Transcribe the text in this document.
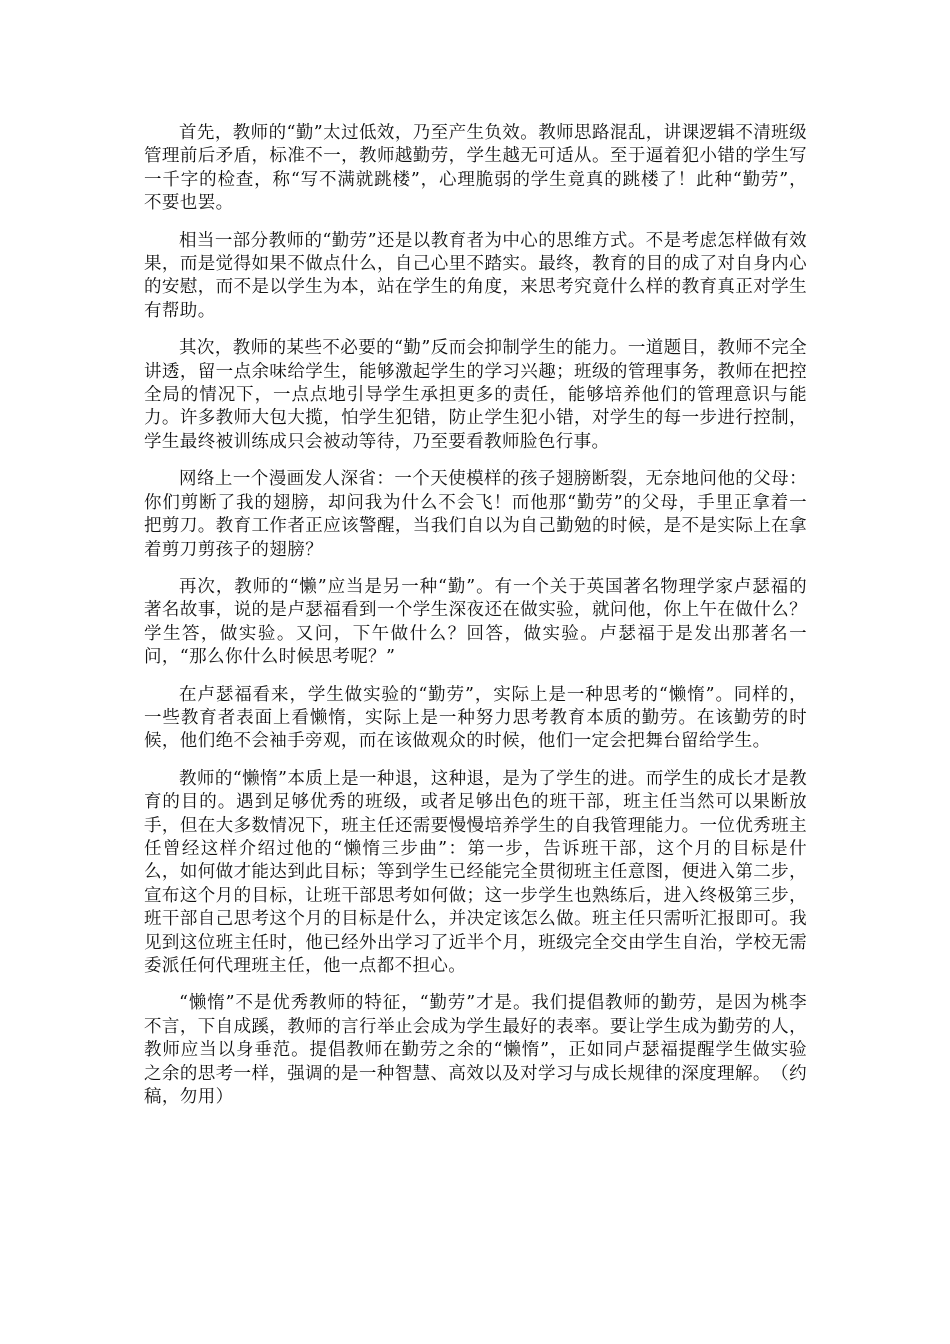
首先，教师的“勤”太过低效，乃至产生负效。教师思路混乱，讲课逻辑不清班级管理前后矛盾，标准不一，教师越勤劳，学生越无可适从。至于逼着犯小错的学生写一千字的检查，称“写不满就跳楼”，心理脆弱的学生竟真的跳楼了！此种“勤劳”，不要也罢。

相当一部分教师的“勤劳”还是以教育者为中心的思维方式。不是考虑怎样做有效果，而是觉得如果不做点什么，自己心里不踏实。最终，教育的目的成了对自身内心的安慰，而不是以学生为本，站在学生的角度，来思考究竟什么样的教育真正对学生有帮助。

其次，教师的某些不必要的“勤”反而会抑制学生的能力。一道题目，教师不完全讲透，留一点余味给学生，能够激起学生的学习兴趣；班级的管理事务，教师在把控全局的情况下，一点点地引导学生承担更多的责任，能够培养他们的管理意识与能力。许多教师大包大揽，怕学生犯错，防止学生犯小错，对学生的每一步进行控制，学生最终被训练成只会被动等待，乃至要看教师脸色行事。

网络上一个漫画发人深省：一个天使模样的孩子翅膀断裂，无奈地问他的父母：你们剪断了我的翅膀，却问我为什么不会飞！而他那“勤劳”的父母，手里正拿着一把剪刀。教育工作者正应该警醒，当我们自以为自己勤勉的时候，是不是实际上在拿着剪刀剪孩子的翅膀？

再次，教师的“懒”应当是另一种“勤”。有一个关于英国著名物理学家卢瑟福的著名故事，说的是卢瑟福看到一个学生深夜还在做实验，就问他，你上午在做什么？学生答，做实验。又问，下午做什么？回答，做实验。卢瑟福于是发出那著名一问，“那么你什么时候思考呢？”

在卢瑟福看来，学生做实验的“勤劳”，实际上是一种思考的“懒惰”。同样的，一些教育者表面上看懒惰，实际上是一种努力思考教育本质的勤劳。在该勤劳的时候，他们绝不会袖手旁观，而在该做观众的时候，他们一定会把舞台留给学生。

教师的“懒惰”本质上是一种退，这种退，是为了学生的进。而学生的成长才是教育的目的。遇到足够优秀的班级，或者足够出色的班干部，班主任当然可以果断放手，但在大多数情况下，班主任还需要慢慢培养学生的自我管理能力。一位优秀班主任曾经这样介绍过他的“懒惰三步曲”：第一步，告诉班干部，这个月的目标是什么，如何做才能达到此目标；等到学生已经能完全贯彻班主任意图，便进入第二步，宣布这个月的目标，让班干部思考如何做；这一步学生也熟练后，进入终极第三步，班干部自己思考这个月的目标是什么，并决定该怎么做。班主任只需听汇报即可。我见到这位班主任时，他已经外出学习了近半个月，班级完全交由学生自治，学校无需委派任何代理班主任，他一点都不担心。

“懒惰”不是优秀教师的特征，“勤劳”才是。我们提倡教师的勤劳，是因为桃李不言，下自成蹊，教师的言行举止会成为学生最好的表率。要让学生成为勤劳的人，教师应当以身垂范。提倡教师在勤劳之余的“懒惰”，正如同卢瑟福提醒学生做实验之余的思考一样，强调的是一种智慧、高效以及对学习与成长规律的深度理解。　（约稿，勿用）
